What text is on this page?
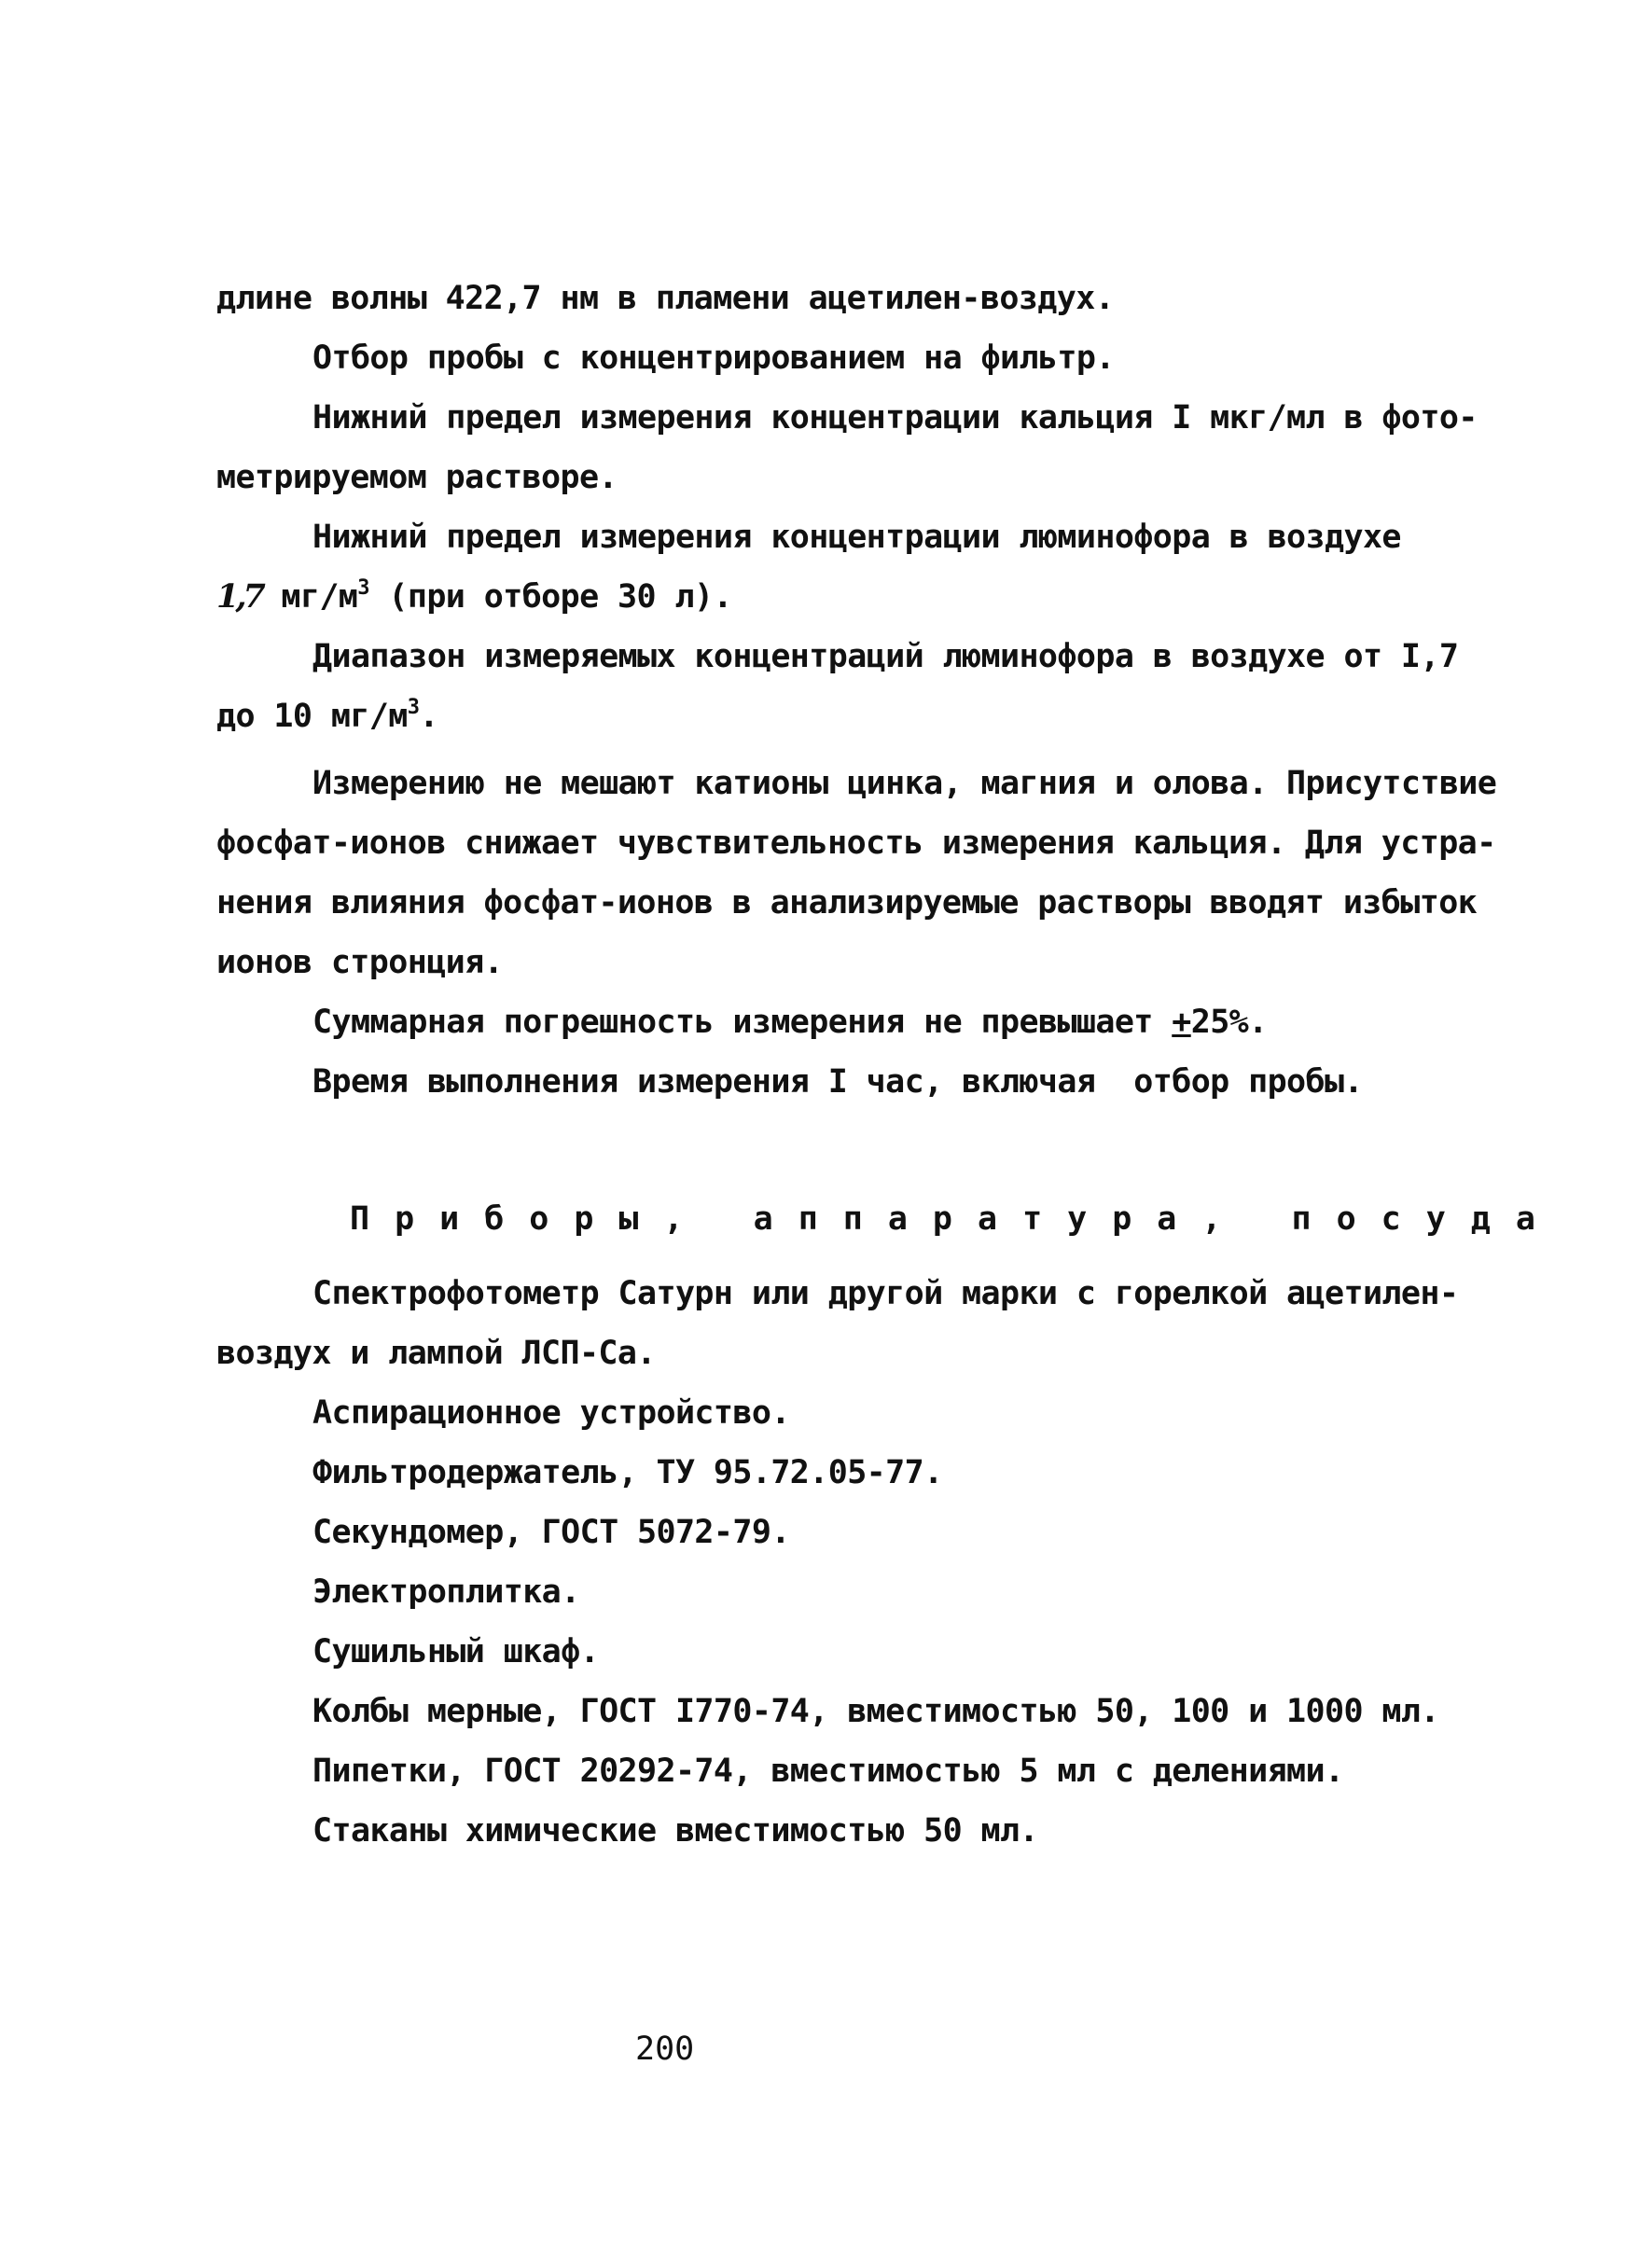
длине волны 422,7 нм в пламени ацетилен-воздух.
Отбор пробы с концентрированием на фильтр.
Нижний предел измерения концентрации кальция I мкг/мл в фото-
метрируемом растворе.
Нижний предел измерения концентрации люминофора в воздухе
1,7 $мг/м^3$ (при отборе 30 л).
Диапазон измеряемых концентраций люминофора в воздухе от I,7
до 10 $мг/м^3$.
Измерению не мешают катионы цинка, магния и олова. Присутствие
фосфат-ионов снижает чувствительность измерения кальция. Для устра-
нения влияния фосфат-ионов в анализируемые растворы вводят избыток
ионов стронция.
Суммарная погрешность измерения не превышает +25%.
Время выполнения измерения I час, включая  отбор пробы.
Приборы, аппаратура, посуда
Спектрофотометр Сатурн или другой марки с горелкой ацетилен-
воздух и лампой ЛСП-Са.
Аспирационное устройство.
Фильтродержатель, ТУ 95.72.05-77.
Секундомер, ГОСТ 5072-79.
Электроплитка.
Сушильный шкаф.
Колбы мерные, ГОСТ I770-74, вместимостью 50, 100 и 1000 мл.
Пипетки, ГОСТ 20292-74, вместимостью 5 мл с делениями.
Стаканы химические вместимостью 50 мл.
200
